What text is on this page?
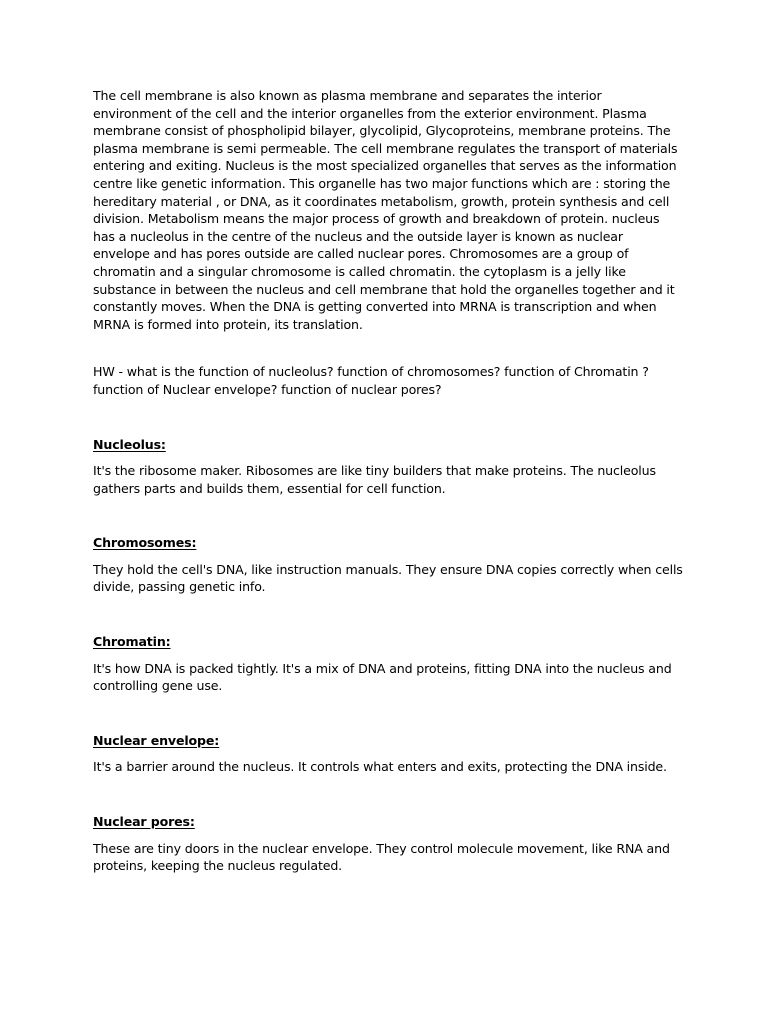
The cell membrane is also known as plasma membrane and separates the interior environment of the cell and the interior organelles from the exterior environment. Plasma membrane consist of phospholipid bilayer, glycolipid, Glycoproteins, membrane proteins. The plasma membrane is semi permeable. The cell membrane regulates the transport of materials entering and exiting. Nucleus is the most specialized organelles that serves as the information centre like genetic information. This organelle has two major functions which are : storing the hereditary material , or DNA, as it coordinates metabolism, growth, protein synthesis and cell division. Metabolism means the major process of growth and breakdown of protein. nucleus has a nucleolus in the centre of the nucleus and the outside layer is known as nuclear envelope and has pores outside are called nuclear pores. Chromosomes are a group of chromatin and a singular chromosome is called chromatin. the cytoplasm is a jelly like substance in between the nucleus and cell membrane that hold the organelles together and it constantly moves. When the DNA is getting converted into MRNA is transcription and when MRNA is formed into protein, its translation.

HW - what is the function of nucleolus? function of chromosomes? function of Chromatin ? function of Nuclear envelope? function of nuclear pores?

Nucleolus:

It's the ribosome maker. Ribosomes are like tiny builders that make proteins. The nucleolus gathers parts and builds them, essential for cell function.

Chromosomes:

They hold the cell's DNA, like instruction manuals. They ensure DNA copies correctly when cells divide, passing genetic info.

Chromatin:

It's how DNA is packed tightly. It's a mix of DNA and proteins, fitting DNA into the nucleus and controlling gene use.

Nuclear envelope:

It's a barrier around the nucleus. It controls what enters and exits, protecting the DNA inside.

Nuclear pores:

These are tiny doors in the nuclear envelope. They control molecule movement, like RNA and proteins, keeping the nucleus regulated.
